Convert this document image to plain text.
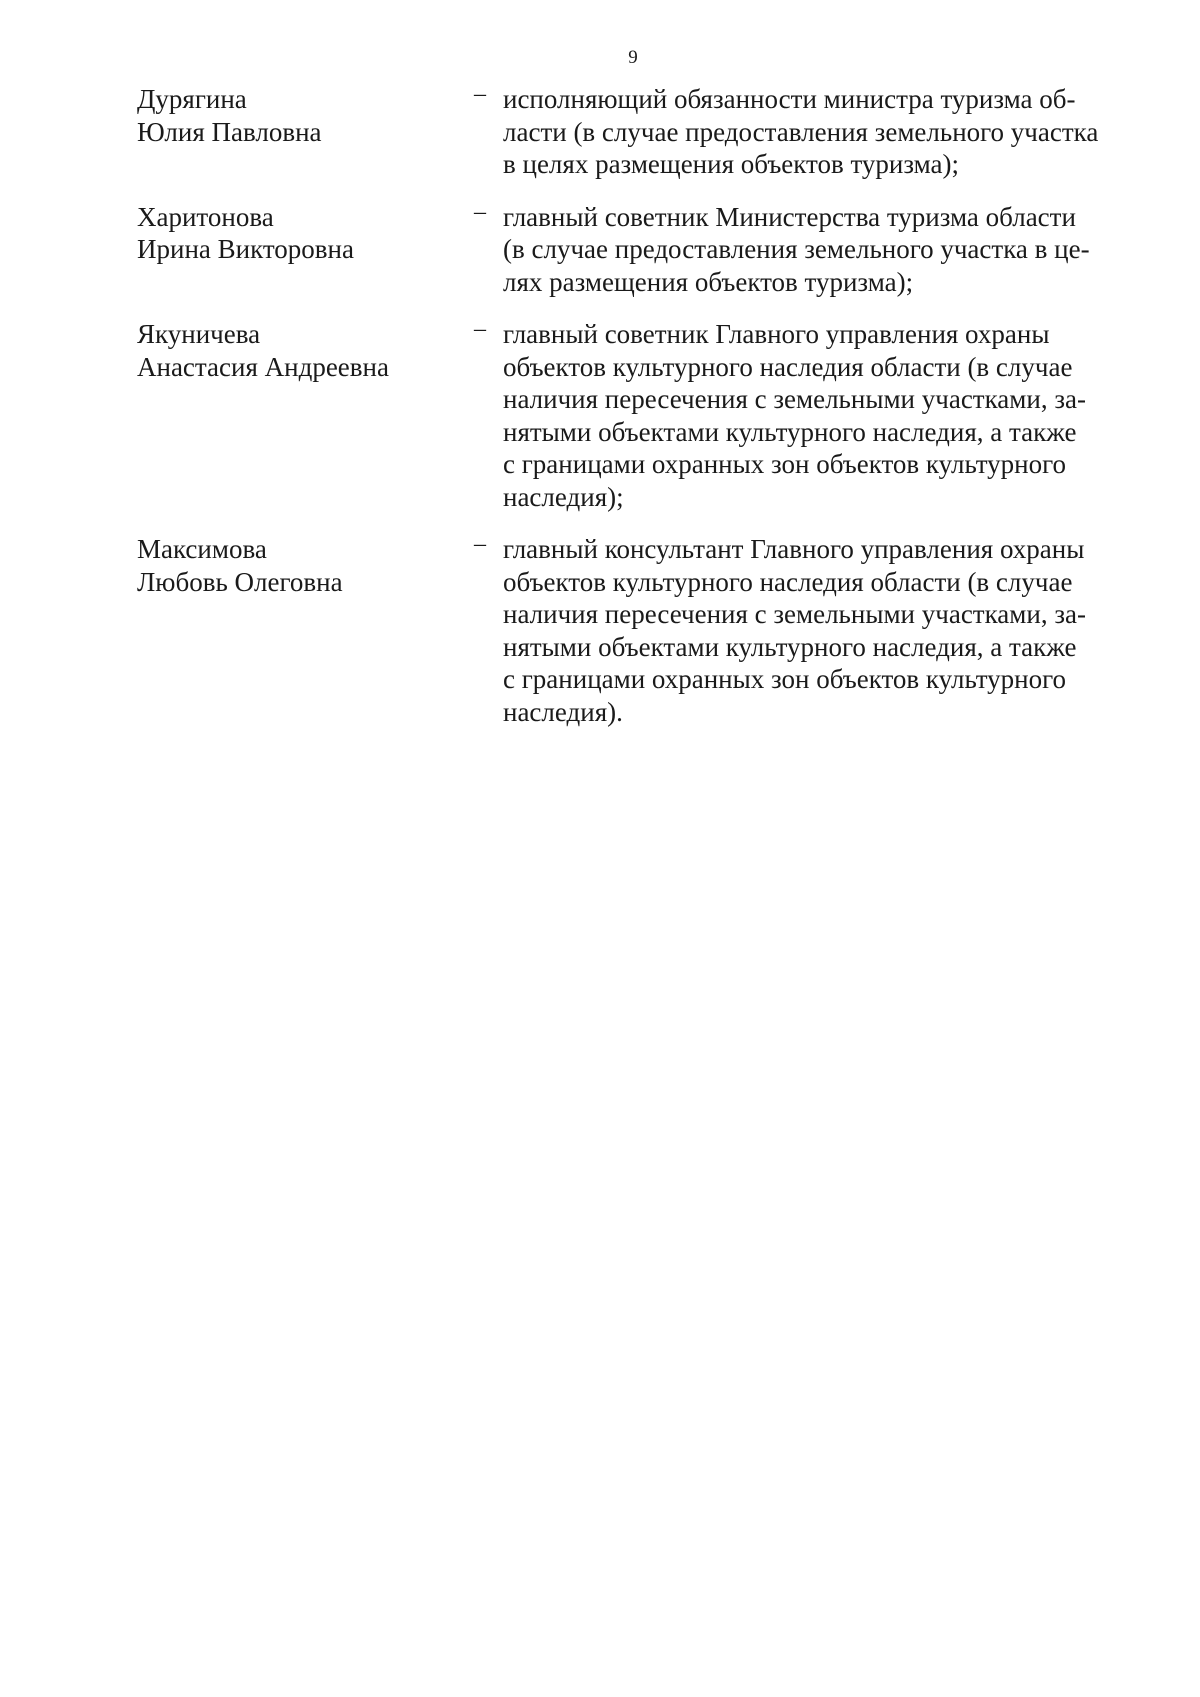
9
Дурягина
Юлия Павловна
– исполняющий обязанности министра туризма об-
ласти (в случае предоставления земельного участка
в целях размещения объектов туризма);
Харитонова
Ирина Викторовна
– главный советник Министерства туризма области
(в случае предоставления земельного участка в це-
лях размещения объектов туризма);
Якуничева
Анастасия Андреевна
– главный советник Главного управления охраны
объектов культурного наследия области (в случае
наличия пересечения с земельными участками, за-
нятыми объектами культурного наследия, а также
с границами охранных зон объектов культурного
наследия);
Максимова
Любовь Олеговна
– главный консультант Главного управления охраны
объектов культурного наследия области (в случае
наличия пересечения с земельными участками, за-
нятыми объектами культурного наследия, а также
с границами охранных зон объектов культурного
наследия).
